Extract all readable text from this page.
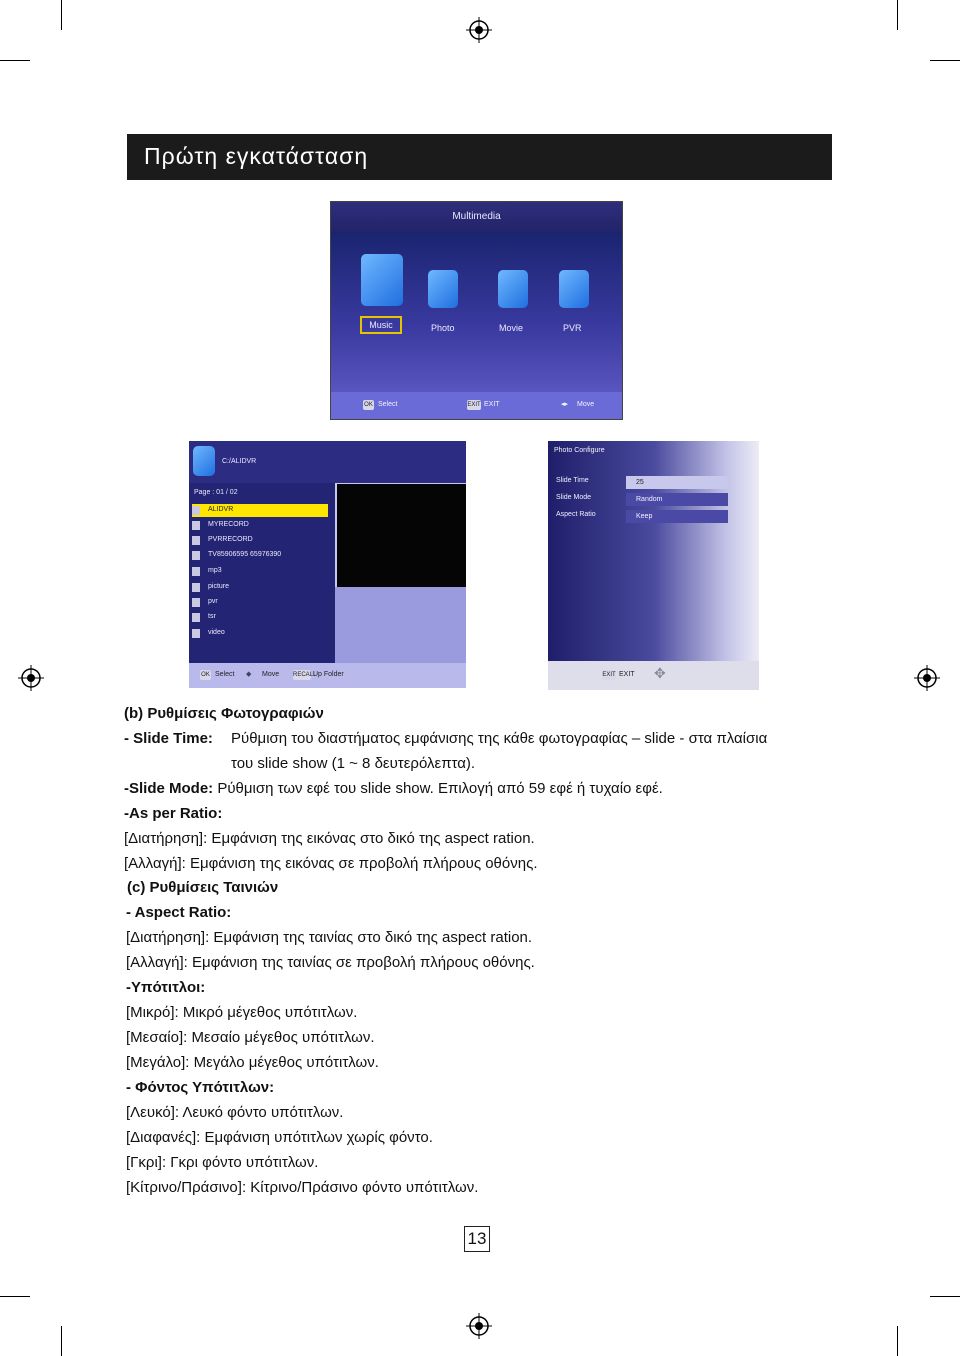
Πρώτη εγκατάσταση
Multimedia
Music	Photo	Movie	PVR
OK Select	EXIT EXIT	◂▸ Move
C:/ALIDVR
Page : 01 / 02
ALIDVR
MYRECORD
PVRRECORD
TV85906595 65976390
mp3
picture
pvr
tsr
video
OK Select ◆ Move RECALL
Up Folder
Photo Configure
Slide Time	25
Slide Mode	Random
Aspect Ratio	Keep
EXIT EXIT ✥
(b) Ρυθμίσεις Φωτογραφιών
- Slide Time: Ρύθμιση του διαστήματος εμφάνισης της κάθε φωτογραφίας – slide - στα πλαίσια
του slide show (1 ~ 8 δευτερόλεπτα).
-Slide Mode: Ρύθμιση των εφέ του slide show. Επιλογή από 59 εφέ ή τυχαίο εφέ.
-As per Ratio:
[Διατήρηση]: Εμφάνιση της εικόνας στο δικό της aspect ration.
[Αλλαγή]: Εμφάνιση της εικόνας σε προβολή πλήρους οθόνης.
(c) Ρυθμίσεις Ταινιών
- Aspect Ratio:
[Διατήρηση]: Εμφάνιση της ταινίας στο δικό της aspect ration.
[Αλλαγή]: Εμφάνιση της ταινίας σε προβολή πλήρους οθόνης.
-Υπότιτλοι:
[Μικρό]: Μικρό μέγεθος υπότιτλων.
[Μεσαίο]: Μεσαίο μέγεθος υπότιτλων.
[Μεγάλο]: Μεγάλο μέγεθος υπότιτλων.
- Φόντος Υπότιτλων:
[Λευκό]: Λευκό φόντο υπότιτλων.
[Διαφανές]: Εμφάνιση υπότιτλων χωρίς φόντο.
[Γκρι]: Γκρι φόντο υπότιτλων.
[Κίτρινο/Πράσινο]: Κίτρινο/Πράσινο φόντο υπότιτλων.
13
